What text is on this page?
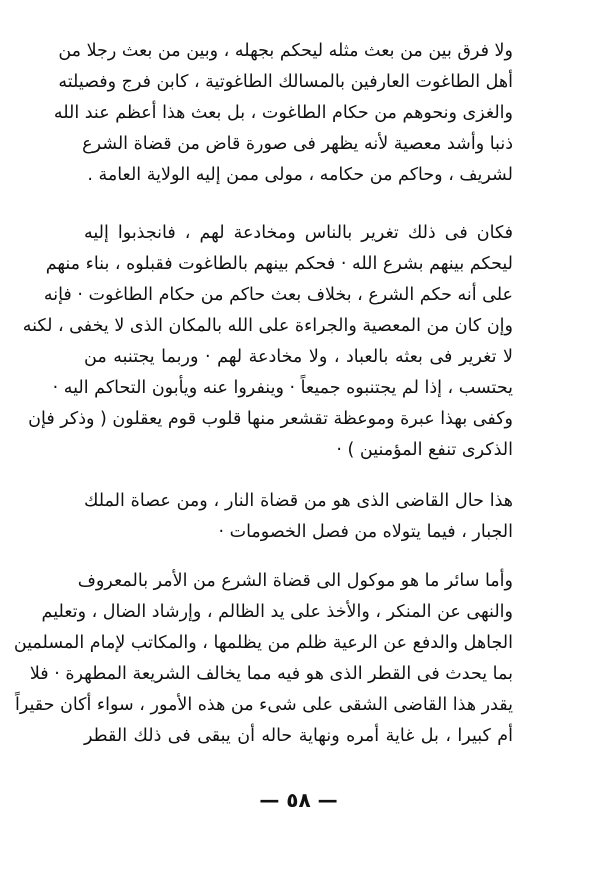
ولا فرق بين من بعث مثله ليحكم بجهله ، وبين من بعث رجلا من
أهل الطاغوت العارفين بالمسالك الطاغوتية ، كابن فرج وفصيلته
والغزى ونحوهم من حكام الطاغوت ، بل بعث هذا أعظم عند الله
ذنبا وأشد معصية لأنه يظهر فى صورة قاض من قضاة الشرع
لشريف ، وحاكم من حكامه ، مولى ممن إليه الولاية العامة .
فكان فى ذلك تغرير بالناس ومخادعة لهم ، فانجذبوا إليه
ليحكم بينهم بشرع الله · فحكم بينهم بالطاغوت فقبلوه ، بناء منهم
على أنه حكم الشرع ، بخلاف بعث حاكم من حكام الطاغوت · فإنه
وإن كان من المعصية والجراءة على الله بالمكان الذى لا يخفى ، لكنه
لا تغرير فى بعثه بالعباد ، ولا مخادعة لهم · وربما يجتنبه من
يحتسب ، إذا لم يجتنبوه جميعاً · وينفروا عنه ويأبون التحاكم اليه ·
وكفى بهذا عبرة وموعظة تقشعر منها قلوب قوم يعقلون ( وذكر فإن
الذكرى تنفع المؤمنين ) ·
هذا حال القاضى الذى هو من قضاة النار ، ومن عصاة الملك
الجبار ، فيما يتولاه من فصل الخصومات ·
وأما سائر ما هو موكول الى قضاة الشرع من الأمر بالمعروف
والنهى عن المنكر ، والأخذ على يد الظالم ، وإرشاد الضال ، وتعليم
الجاهل والدفع عن الرعية ظلم من يظلمها ، والمكاتب لإمام المسلمين
بما يحدث فى القطر الذى هو فيه مما يخالف الشريعة المطهرة · فلا
يقدر هذا القاضى الشقى على شىء من هذه الأمور ، سواء أكان حقيراً
أم كبيرا ، بل غاية أمره ونهاية حاله أن يبقى فى ذلك القطر
— ٥٨ —
